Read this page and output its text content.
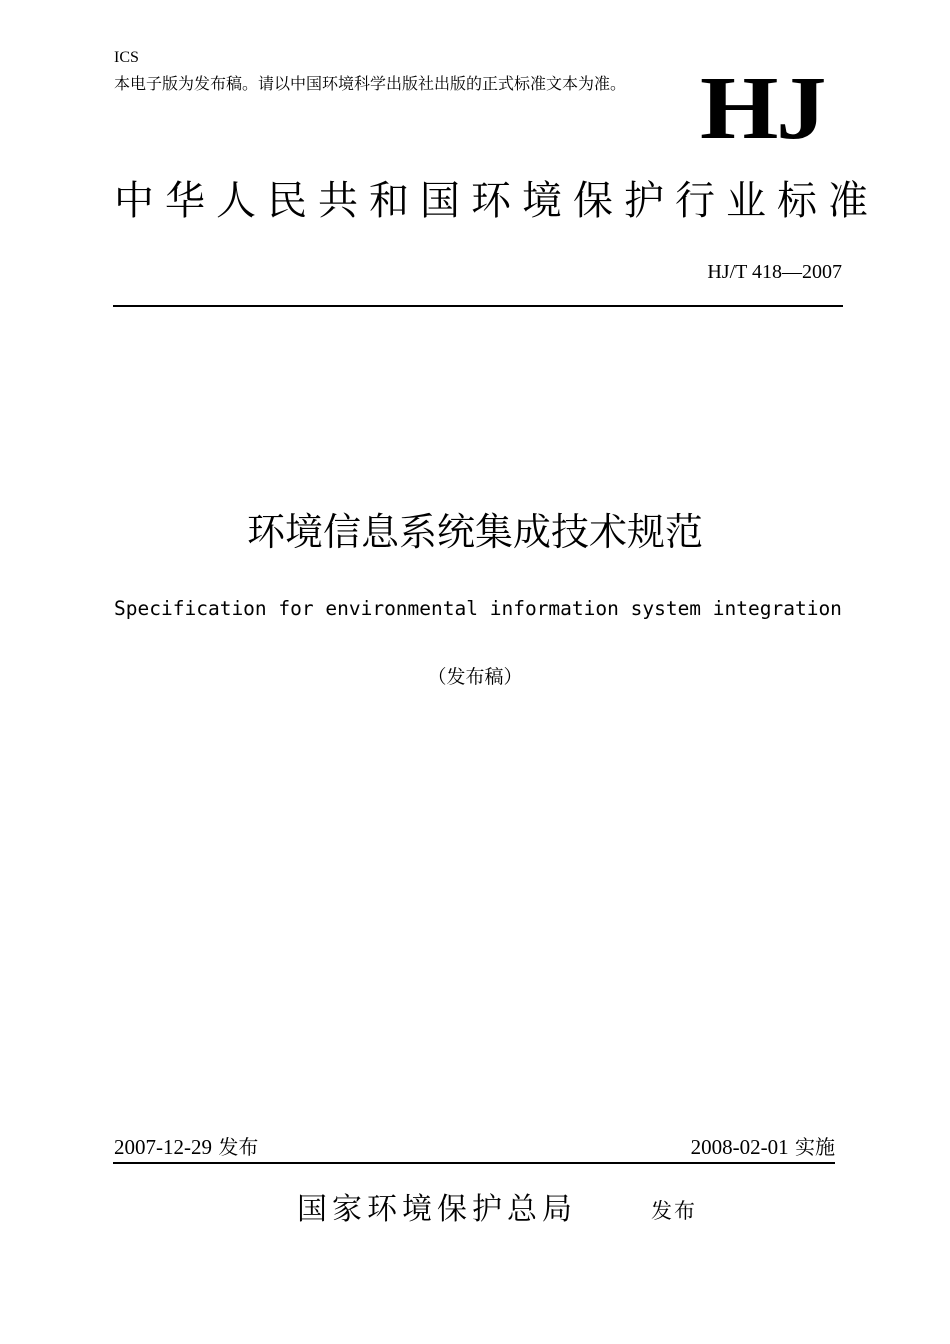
ICS
本电子版为发布稿。请以中国环境科学出版社出版的正式标准文本为准。 HJ
中华人民共和国环境保护行业标准
HJ/T 418—2007
环境信息系统集成技术规范
Specification for environmental information system integration
（发布稿）
2007-12-29 发布	2008-02-01 实施
国家环境保护总局	发布
